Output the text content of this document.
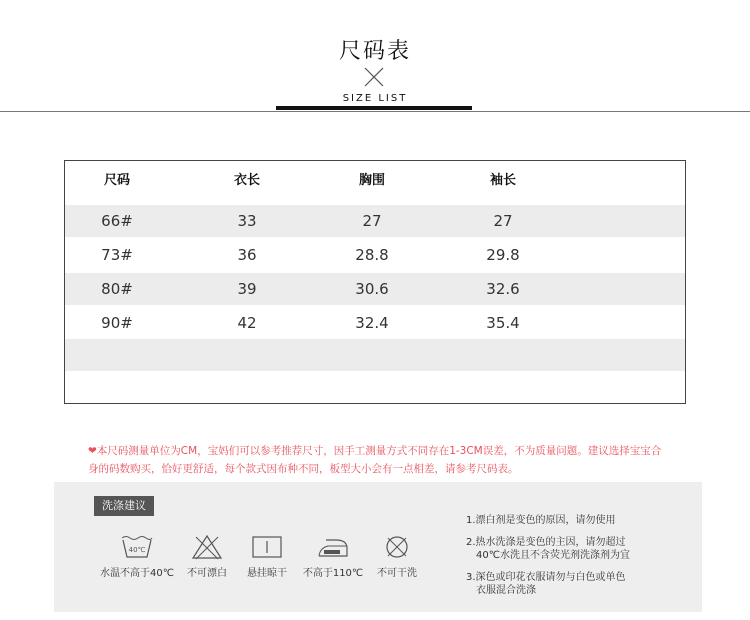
尺码表
SIZE LIST
尺码	衣长	胸围	袖长
66#	33	27	27
73#	36	28.8	29.8
80#	39	30.6	32.6
90#	42	32.4	35.4
❤本尺码测量单位为CM，宝妈们可以参考推荐尺寸，因手工测量方式不同存在1-3CM误差，不为质量问题。建议选择宝宝合
身的码数购买，恰好更舒适，每个款式因布种不同，板型大小会有一点相差，请参考尺码表。
洗涤建议
40℃
水温不高于40℃	不可漂白	悬挂晾干	不高于110℃	不可干洗
1.漂白剂是变色的原因，请勿使用
2.热水洗涤是变色的主因，请勿超过
40℃水洗且不含荧光剂洗涤剂为宜
3.深色或印花衣服请勿与白色或单色
衣服混合洗涤
